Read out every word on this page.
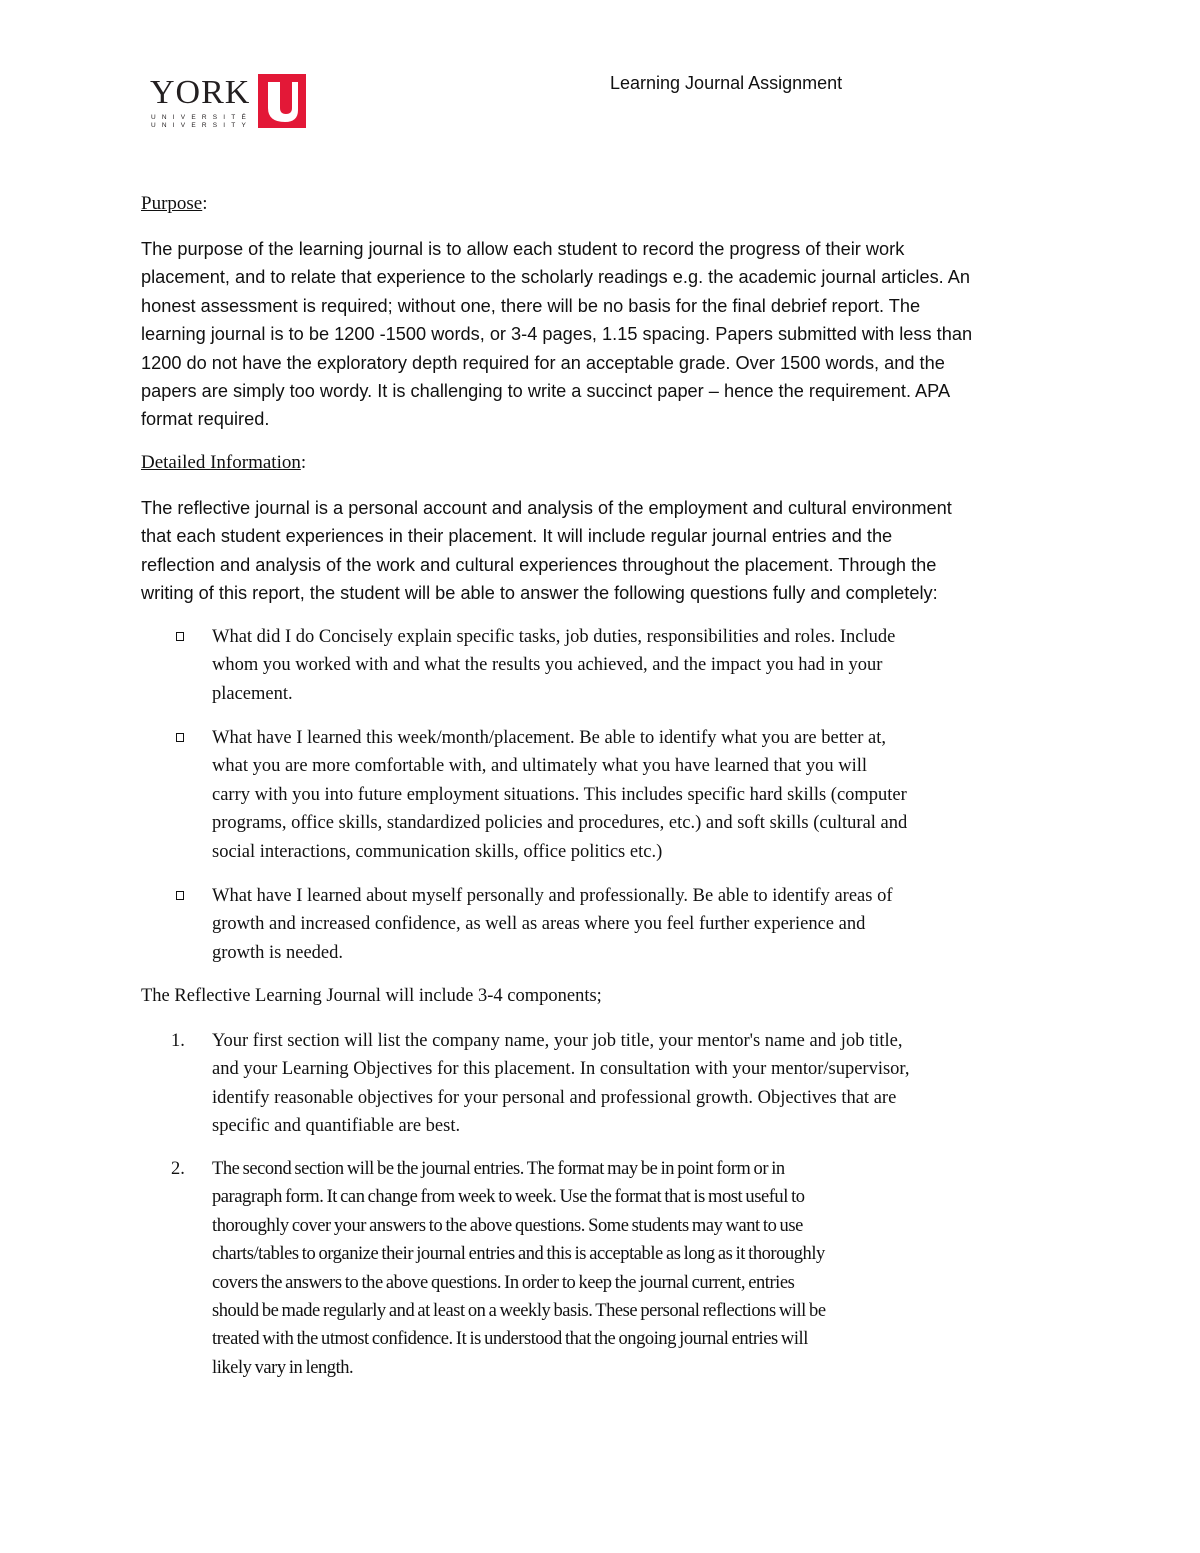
YORK
UNIVERSITÉ
UNIVERSITY
Learning Journal Assignment
Purpose:
The purpose of the learning journal is to allow each student to record the progress of their work
placement, and to relate that experience to the scholarly readings e.g. the academic journal articles. An
honest assessment is required; without one, there will be no basis for the final debrief report. The
learning journal is to be 1200 -1500 words, or 3-4 pages, 1.15 spacing. Papers submitted with less than
1200 do not have the exploratory depth required for an acceptable grade. Over 1500 words, and the
papers are simply too wordy. It is challenging to write a succinct paper – hence the requirement. APA
format required.
Detailed Information:
The reflective journal is a personal account and analysis of the employment and cultural environment
that each student experiences in their placement. It will include regular journal entries and the
reflection and analysis of the work and cultural experiences throughout the placement. Through the
writing of this report, the student will be able to answer the following questions fully and completely:
What did I do Concisely explain specific tasks, job duties, responsibilities and roles. Include
whom you worked with and what the results you achieved, and the impact you had in your
placement.
What have I learned this week/month/placement. Be able to identify what you are better at,
what you are more comfortable with, and ultimately what you have learned that you will
carry with you into future employment situations. This includes specific hard skills (computer
programs, office skills, standardized policies and procedures, etc.) and soft skills (cultural and
social interactions, communication skills, office politics etc.)
What have I learned about myself personally and professionally. Be able to identify areas of
growth and increased confidence, as well as areas where you feel further experience and
growth is needed.
The Reflective Learning Journal will include 3-4 components;
1. Your first section will list the company name, your job title, your mentor's name and job title,
and your Learning Objectives for this placement. In consultation with your mentor/supervisor,
identify reasonable objectives for your personal and professional growth. Objectives that are
specific and quantifiable are best.
2. The second section will be the journal entries. The format may be in point form or in
paragraph form. It can change from week to week. Use the format that is most useful to
thoroughly cover your answers to the above questions. Some students may want to use
charts/tables to organize their journal entries and this is acceptable as long as it thoroughly
covers the answers to the above questions. In order to keep the journal current, entries
should be made regularly and at least on a weekly basis. These personal reflections will be
treated with the utmost confidence. It is understood that the ongoing journal entries will
likely vary in length.
